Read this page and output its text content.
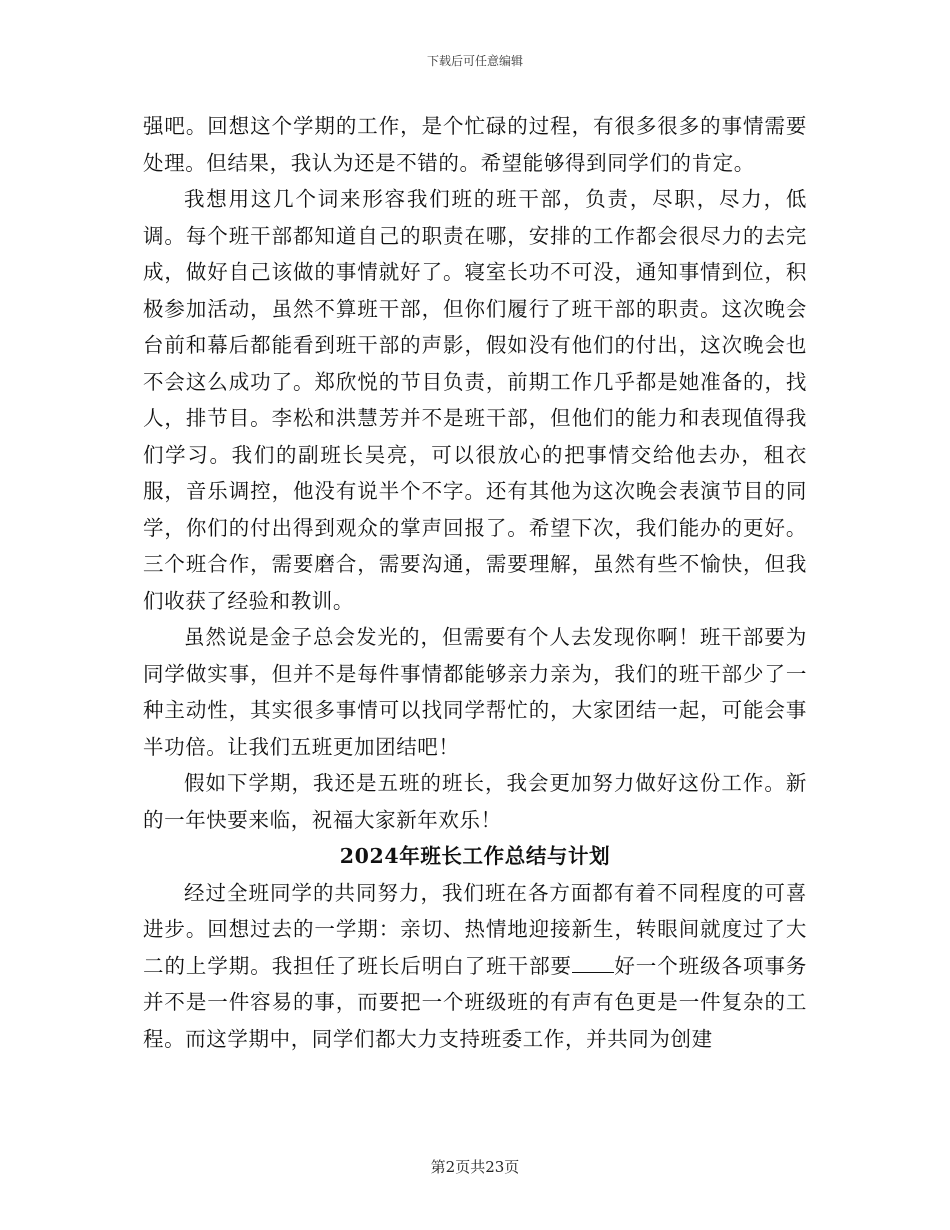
下载后可任意编辑

强吧。回想这个学期的工作，是个忙碌的过程，有很多很多的事情需要处理。但结果，我认为还是不错的。希望能够得到同学们的肯定。

我想用这几个词来形容我们班的班干部，负责，尽职，尽力，低调。每个班干部都知道自己的职责在哪，安排的工作都会很尽力的去完成，做好自己该做的事情就好了。寝室长功不可没，通知事情到位，积极参加活动，虽然不算班干部，但你们履行了班干部的职责。这次晚会台前和幕后都能看到班干部的声影，假如没有他们的付出，这次晚会也不会这么成功了。郑欣悦的节目负责，前期工作几乎都是她准备的，找人，排节目。李松和洪慧芳并不是班干部，但他们的能力和表现值得我们学习。我们的副班长吴亮，可以很放心的把事情交给他去办，租衣服，音乐调控，他没有说半个不字。还有其他为这次晚会表演节目的同学，你们的付出得到观众的掌声回报了。希望下次，我们能办的更好。三个班合作，需要磨合，需要沟通，需要理解，虽然有些不愉快，但我们收获了经验和教训。

虽然说是金子总会发光的，但需要有个人去发现你啊！班干部要为同学做实事，但并不是每件事情都能够亲力亲为，我们的班干部少了一种主动性，其实很多事情可以找同学帮忙的，大家团结一起，可能会事半功倍。让我们五班更加团结吧！

假如下学期，我还是五班的班长，我会更加努力做好这份工作。新的一年快要来临，祝福大家新年欢乐！

2024年班长工作总结与计划

经过全班同学的共同努力，我们班在各方面都有着不同程度的可喜进步。回想过去的一学期：亲切、热情地迎接新生，转眼间就度过了大二的上学期。我担任了班长后明白了班干部要 好一个班级各项事务并不是一件容易的事，而要把一个班级班的有声有色更是一件复杂的工程。而这学期中，同学们都大力支持班委工作，并共同为创建

第2页共23页
